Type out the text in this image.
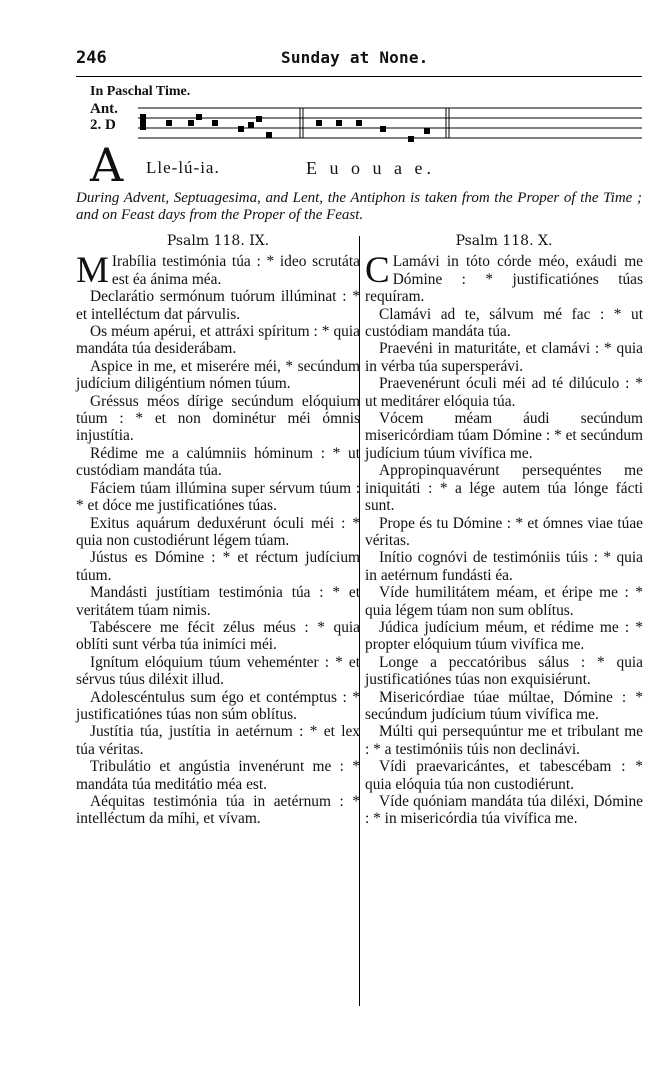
246	Sunday at None.
In Paschal Time.
Ant.
2. D
A Lle-lú-ia.	E u o u a e.
During Advent, Septuagesima, and Lent, the Antiphon is taken from the Proper of the Time ; and on Feast days from the Proper of the Feast.
Psalm 118. IX.

M Irabília testimónia túa : * ideo scrutáta est éa ánima méa.

Declarátio sermónum tuórum illúminat : * et intelléctum dat párvulis.

Os méum apérui, et attráxi spíritum : * quia mandáta túa desiderábam.

Aspice in me, et miserére méi, * secúndum judícium diligéntium nómen túum.

Gréssus méos dírige secúndum elóquium túum : * et non dominétur méi ómnis injustítia.

Rédime me a calúmniis hóminum : * ut custódiam mandáta túa.

Fáciem túam illúmina super sérvum túum : * et dóce me justificatiónes túas.

Exitus aquárum deduxérunt óculi méi : * quia non custodiérunt légem túam.

Jústus es Dómine : * et réctum judícium túum.

Mandásti justítiam testimónia túa : * et veritátem túam nimis.

Tabéscere me fécit zélus méus : * quia oblíti sunt vérba túa inimíci méi.

Ignítum elóquium túum veheménter : * et sérvus túus diléxit illud.

Adolescéntulus sum égo et contémptus : * justificatiónes túas non súm oblítus.

Justítia túa, justítia in aetérnum : * et lex túa véritas.

Tribulátio et angústia invenérunt me : * mandáta túa meditátio méa est.

Aéquitas testimónia túa in aetérnum : * intelléctum da míhi, et vívam.

Psalm 118. X.

C Lamávi in tóto córde méo, exáudi me Dómine : * justificatiónes túas requíram.

Clamávi ad te, sálvum mé fac : * ut custódiam mandáta túa.

Praevéni in maturitáte, et clamávi : * quia in vérba túa supersperávi.

Praevenérunt óculi méi ad té dilúculo : * ut meditárer elóquia túa.

Vócem méam áudi secúndum misericórdiam túam Dómine : * et secúndum judícium túum vivífica me.

Appropinquavérunt persequéntes me iniquitáti : * a lége autem túa lónge fácti sunt.

Prope és tu Dómine : * et ómnes viae túae véritas.

Inítio cognóvi de testimóniis túis : * quia in aetérnum fundásti éa.

Víde humilitátem méam, et éripe me : * quia légem túam non sum oblítus.

Júdica judícium méum, et rédime me : * propter elóquium túum vivífica me.

Longe a peccatóribus sálus : * quia justificatiónes túas non exquisiérunt.

Misericórdiae túae múltae, Dómine : * secúndum judícium túum vivífica me.

Múlti qui persequúntur me et tribulant me : * a testimóniis túis non declinávi.

Vídi praevaricántes, et tabescébam : * quia elóquia túa non custodiérunt.

Víde quóniam mandáta túa diléxi, Dómine : * in misericórdia túa vivífica me.
